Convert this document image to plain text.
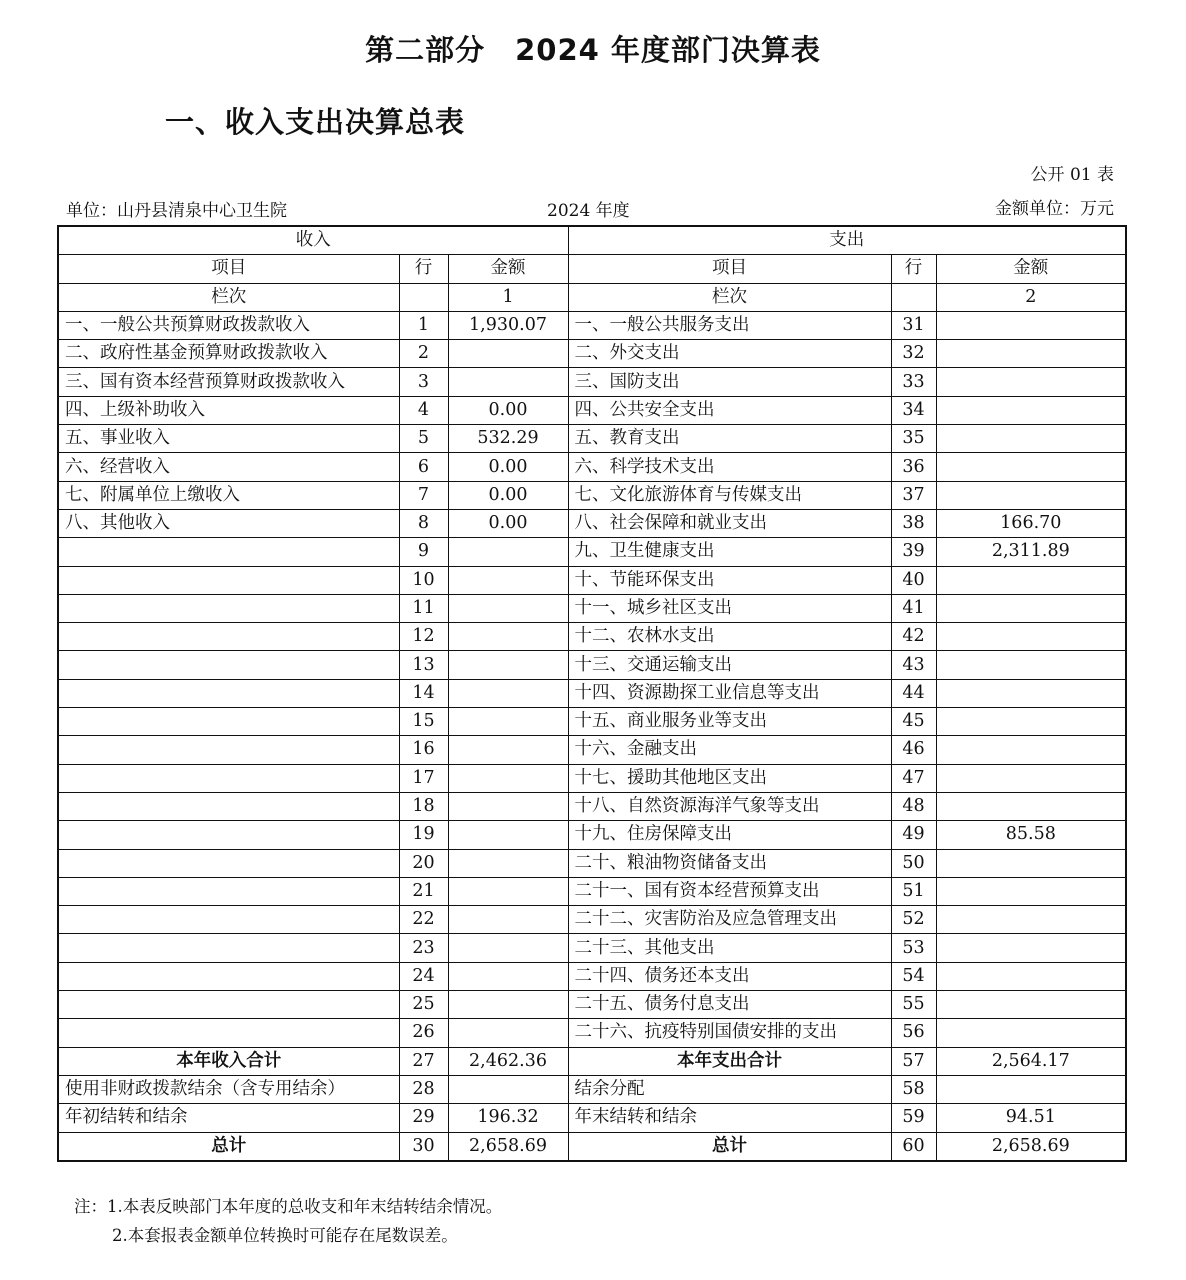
第二部分　2024 年度部门决算表
一、收入支出决算总表
公开 01 表
单位：山丹县清泉中心卫生院	2024 年度	金额单位：万元
收入			支出		
项目	行	金额	项目	行	金额
栏次		1	栏次		2
一、一般公共预算财政拨款收入	1	1,930.07	一、一般公共服务支出	31	
二、政府性基金预算财政拨款收入	2		二、外交支出	32	
三、国有资本经营预算财政拨款收入	3		三、国防支出	33	
四、上级补助收入	4	0.00	四、公共安全支出	34	
五、事业收入	5	532.29	五、教育支出	35	
六、经营收入	6	0.00	六、科学技术支出	36	
七、附属单位上缴收入	7	0.00	七、文化旅游体育与传媒支出	37	
八、其他收入	8	0.00	八、社会保障和就业支出	38	166.70
	9		九、卫生健康支出	39	2,311.89
	10		十、节能环保支出	40	
	11		十一、城乡社区支出	41	
	12		十二、农林水支出	42	
	13		十三、交通运输支出	43	
	14		十四、资源勘探工业信息等支出	44	
	15		十五、商业服务业等支出	45	
	16		十六、金融支出	46	
	17		十七、援助其他地区支出	47	
	18		十八、自然资源海洋气象等支出	48	
	19		十九、住房保障支出	49	85.58
	20		二十、粮油物资储备支出	50	
	21		二十一、国有资本经营预算支出	51	
	22		二十二、灾害防治及应急管理支出	52	
	23		二十三、其他支出	53	
	24		二十四、债务还本支出	54	
	25		二十五、债务付息支出	55	
	26		二十六、抗疫特别国债安排的支出	56	
本年收入合计	27	2,462.36	本年支出合计	57	2,564.17
使用非财政拨款结余（含专用结余）	28		结余分配	58	
年初结转和结余	29	196.32	年末结转和结余	59	94.51
总计	30	2,658.69	总计	60	2,658.69
注：1.本表反映部门本年度的总收支和年末结转结余情况。
2.本套报表金额单位转换时可能存在尾数误差。
